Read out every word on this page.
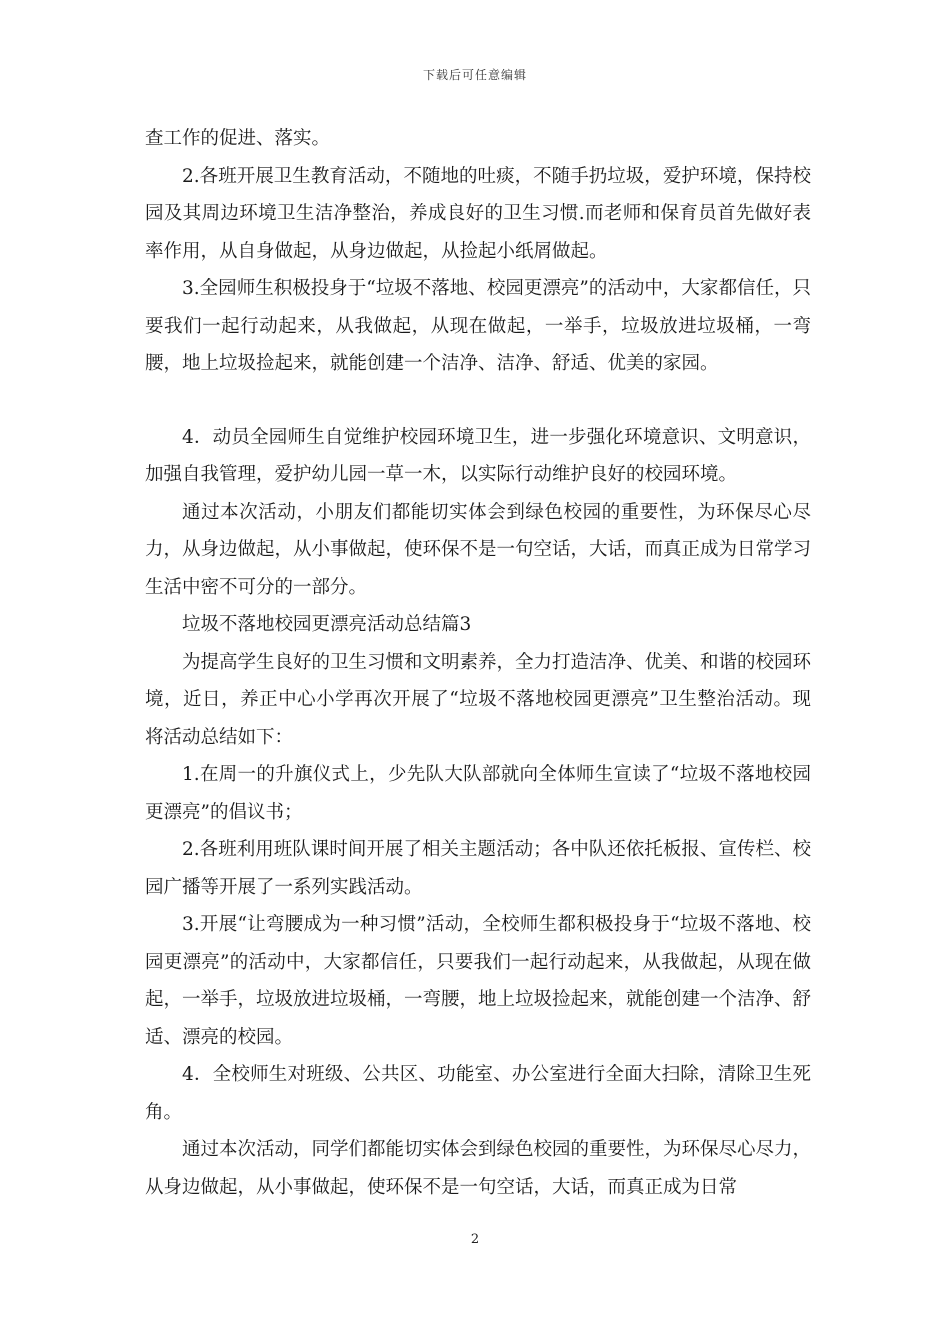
下载后可任意编辑

查工作的促进、落实。

2.各班开展卫生教育活动，不随地的吐痰，不随手扔垃圾，爱护环境，保持校园及其周边环境卫生洁净整治，养成良好的卫生习惯.而老师和保育员首先做好表率作用，从自身做起，从身边做起，从捡起小纸屑做起。

3.全园师生积极投身于“垃圾不落地、校园更漂亮”的活动中，大家都信任，只要我们一起行动起来，从我做起，从现在做起，一举手，垃圾放进垃圾桶，一弯腰，地上垃圾捡起来，就能创建一个洁净、洁净、舒适、优美的家园。

4．动员全园师生自觉维护校园环境卫生，进一步强化环境意识、文明意识，加强自我管理，爱护幼儿园一草一木，以实际行动维护良好的校园环境。

通过本次活动，小朋友们都能切实体会到绿色校园的重要性，为环保尽心尽力，从身边做起，从小事做起，使环保不是一句空话，大话，而真正成为日常学习生活中密不可分的一部分。

垃圾不落地校园更漂亮活动总结篇3

为提高学生良好的卫生习惯和文明素养，全力打造洁净、优美、和谐的校园环境，近日，养正中心小学再次开展了“垃圾不落地校园更漂亮”卫生整治活动。现将活动总结如下：

1.在周一的升旗仪式上，少先队大队部就向全体师生宣读了“垃圾不落地校园更漂亮”的倡议书；

2.各班利用班队课时间开展了相关主题活动；各中队还依托板报、宣传栏、校园广播等开展了一系列实践活动。

3.开展“让弯腰成为一种习惯”活动，全校师生都积极投身于“垃圾不落地、校园更漂亮”的活动中，大家都信任，只要我们一起行动起来，从我做起，从现在做起，一举手，垃圾放进垃圾桶，一弯腰，地上垃圾捡起来，就能创建一个洁净、舒适、漂亮的校园。

4．全校师生对班级、公共区、功能室、办公室进行全面大扫除，清除卫生死角。

通过本次活动，同学们都能切实体会到绿色校园的重要性，为环保尽心尽力，从身边做起，从小事做起，使环保不是一句空话，大话，而真正成为日常

2
